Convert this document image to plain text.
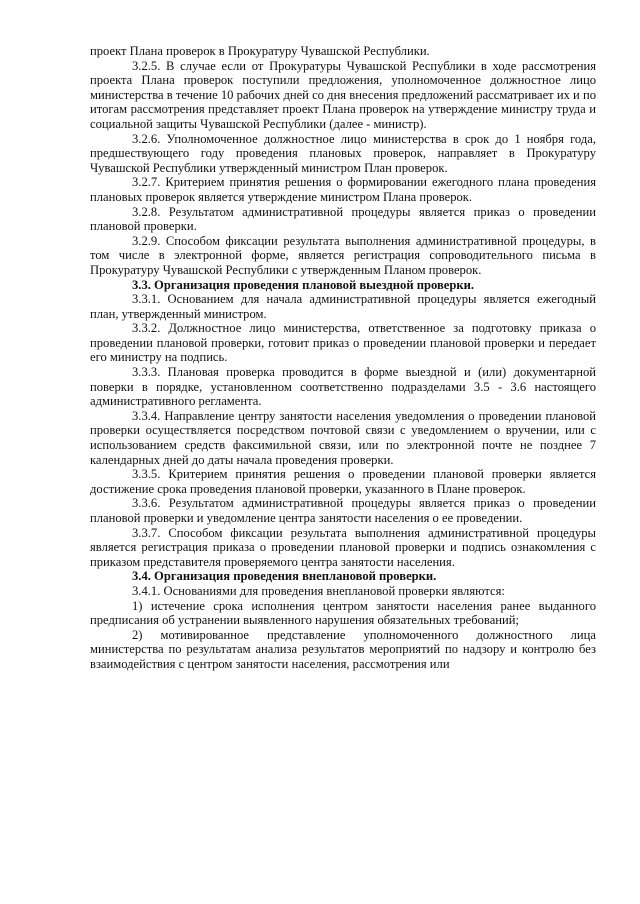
проект Плана проверок в Прокуратуру Чувашской Республики.

3.2.5. В случае если от Прокуратуры Чувашской Республики в ходе рассмотрения проекта Плана проверок поступили предложения, уполномоченное должностное лицо министерства в течение 10 рабочих дней со дня внесения предложений рассматривает их и по итогам рассмотрения представляет проект Плана проверок на утверждение министру труда и социальной защиты Чувашской Республики (далее - министр).

3.2.6. Уполномоченное должностное лицо министерства в срок до 1 ноября года, предшествующего году проведения плановых проверок, направляет в Прокуратуру Чувашской Республики утвержденный министром План проверок.

3.2.7. Критерием принятия решения о формировании ежегодного плана проведения плановых проверок является утверждение министром Плана проверок.

3.2.8. Результатом административной процедуры является приказ о проведении плановой проверки.

3.2.9. Способом фиксации результата выполнения административной процедуры, в том числе в электронной форме, является регистрация сопроводительного письма в Прокуратуру Чувашской Республики с утвержденным Планом проверок.

3.3. Организация проведения плановой выездной проверки.

3.3.1. Основанием для начала административной процедуры является ежегодный план, утвержденный министром.

3.3.2. Должностное лицо министерства, ответственное за подготовку приказа о проведении плановой проверки, готовит приказ о проведении плановой проверки и передает его министру на подпись.

3.3.3. Плановая проверка проводится в форме выездной и (или) документарной поверки в порядке, установленном соответственно подразделами 3.5 - 3.6 настоящего административного регламента.

3.3.4. Направление центру занятости населения уведомления о проведении плановой проверки осуществляется посредством почтовой связи с уведомлением о вручении, или с использованием средств факсимильной связи, или по электронной почте не позднее 7 календарных дней до даты начала проведения проверки.

3.3.5. Критерием принятия решения о проведении плановой проверки является достижение срока проведения плановой проверки, указанного в Плане проверок.

3.3.6. Результатом административной процедуры является приказ о проведении плановой проверки и уведомление центра занятости населения о ее проведении.

3.3.7. Способом фиксации результата выполнения административной процедуры является регистрация приказа о проведении плановой проверки и подпись ознакомления с приказом представителя проверяемого центра занятости населения.

3.4. Организация проведения внеплановой проверки.

3.4.1. Основаниями для проведения внеплановой проверки являются:

1) истечение срока исполнения центром занятости населения ранее выданного предписания об устранении выявленного нарушения обязательных требований;

2) мотивированное представление уполномоченного должностного лица министерства по результатам анализа результатов мероприятий по надзору и контролю без взаимодействия с центром занятости населения, рассмотрения или
